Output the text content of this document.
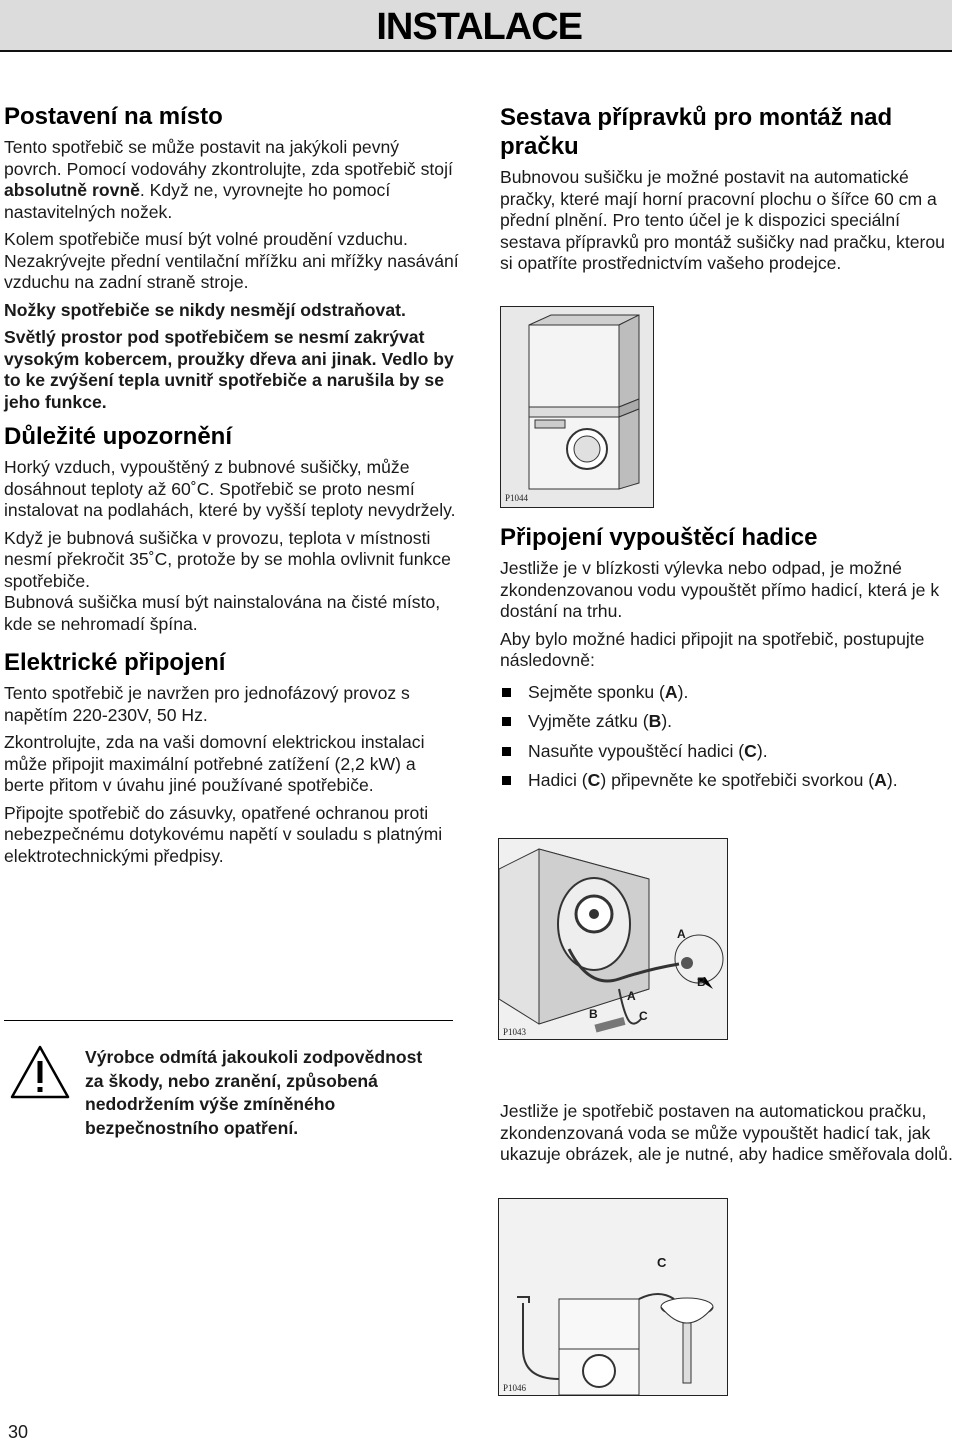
INSTALACE
Postavení na místo

Tento spotřebič se může postavit na jakýkoli pevný povrch. Pomocí vodováhy zkontrolujte, zda spotřebič stojí absolutně rovně. Když ne, vyrovnejte ho pomocí nastavitelných nožek.

Kolem spotřebiče musí být volné proudění vzduchu. Nezakrývejte přední ventilační mřížku ani mřížky nasávání vzduchu na zadní straně stroje.

Nožky spotřebiče se nikdy nesmějí odstraňovat.

Světlý prostor pod spotřebičem se nesmí zakrývat vysokým kobercem, proužky dřeva ani jinak. Vedlo by to ke zvýšení tepla uvnitř spotřebiče a narušila by se jeho funkce.

Důležité upozornění

Horký vzduch, vypouštěný z bubnové sušičky, může dosáhnout teploty až 60˚C. Spotřebič se proto nesmí instalovat na podlahách, které by vyšší teploty nevydržely.

Když je bubnová sušička v provozu, teplota v místnosti nesmí překročit 35˚C, protože by se mohla ovlivnit funkce spotřebiče.

Bubnová sušička musí být nainstalována na čisté místo, kde se nehromadí špína.

Elektrické připojení

Tento spotřebič je navržen pro jednofázový provoz s napětím 220-230V, 50 Hz.

Zkontrolujte, zda na vaši domovní elektrickou instalaci může připojit maximální potřebné zatížení (2,2 kW) a berte přitom v úvahu jiné používané spotřebiče.

Připojte spotřebič do zásuvky, opatřené ochranou proti nebezpečnému dotykovému napětí v souladu s platnými elektrotechnickými předpisy.

Výrobce odmítá jakoukoli zodpovědnost za škody, nebo zranění, způsobená nedodržením výše zmíněného bezpečnostního opatření.
Sestava přípravků pro montáž nad pračku

Bubnovou sušičku je možné postavit na automatické pračky, které mají horní pracovní plochu o šířce 60 cm a přední plnění. Pro tento účel je k dispozici speciální sestava přípravků pro montáž sušičky nad pračku, kterou si opatříte prostřednictvím vašeho prodejce.

P1044
Připojení vypouštěcí hadice

Jestliže je v blízkosti výlevka nebo odpad, je možné zkondenzovanou vodu vypouštět přímo hadicí, která je k dostání na trhu.

Aby bylo možné hadici připojit na spotřebič, postupujte následovně:

Sejměte sponku (A).
Vyjměte zátku (B).
Nasuňte vypouštěcí hadici (C).
Hadici (C) připevněte ke spotřebiči svorkou (A).
A
B
A
B	C
P1043

Jestliže je spotřebič postaven na automatickou pračku, zkondenzovaná voda se může vypouštět hadicí tak, jak ukazuje obrázek, ale je nutné, aby hadice směřovala dolů.

C
P1046
30
